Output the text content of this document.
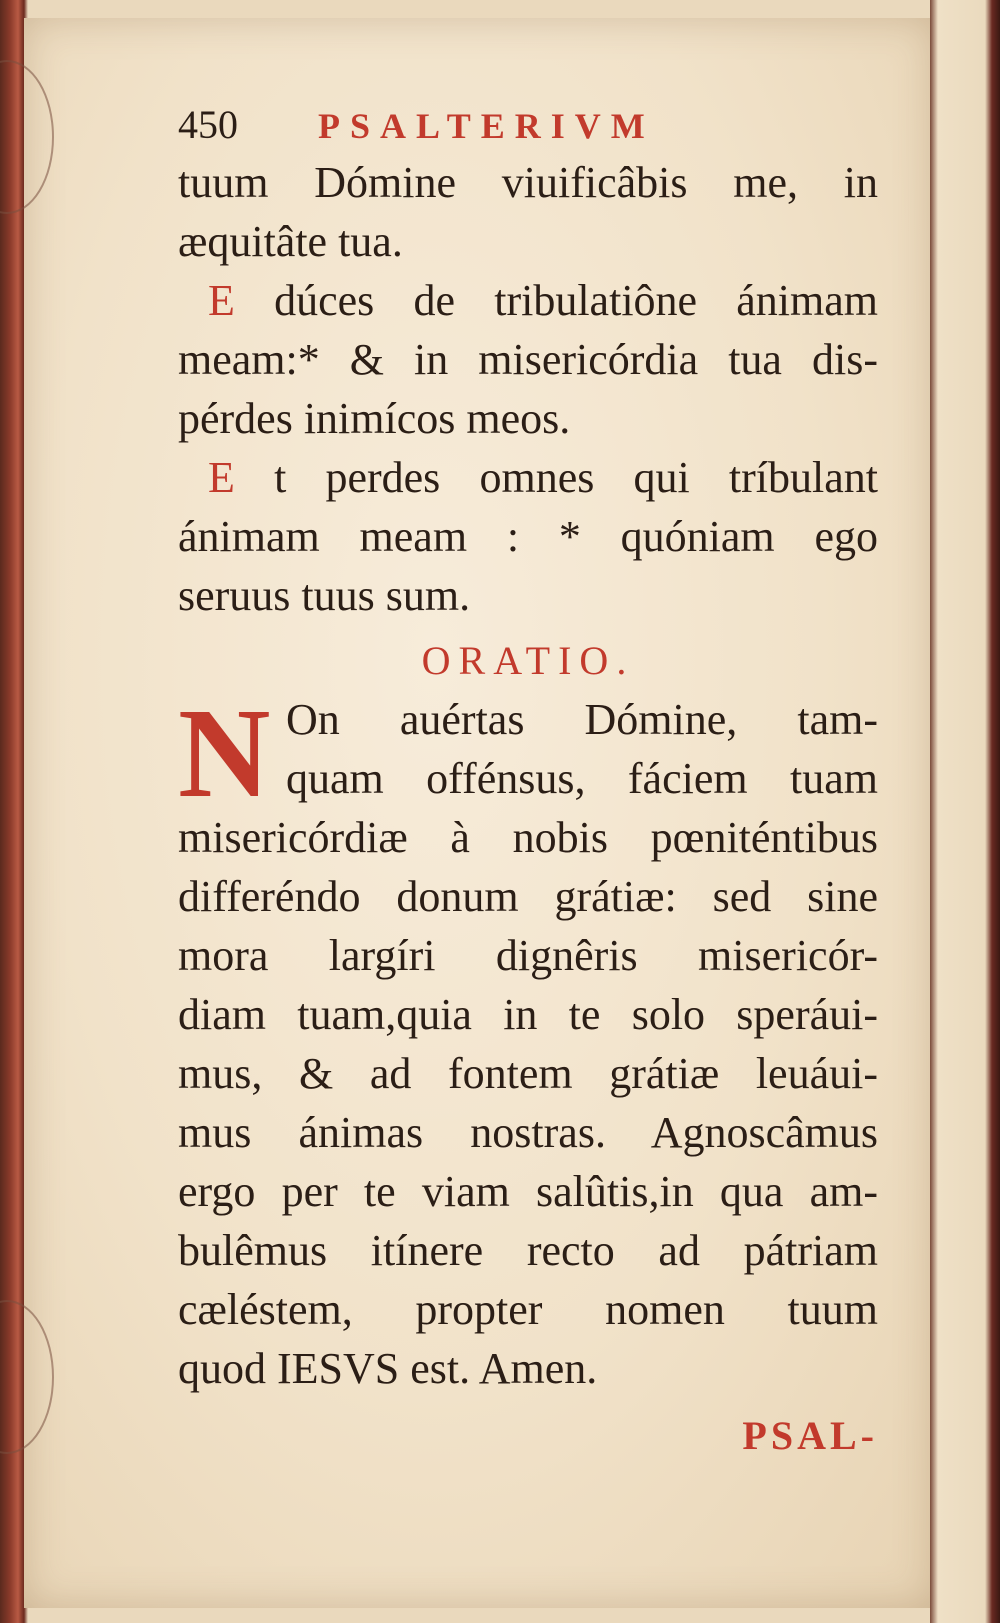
450	PSALTERIVM
tuum Dómine viuificâbis me, in
æquitâte tua.
E dúces de tribulatiône ánimam
meam:* & in misericórdia tua dis-
pérdes inimícos meos.
E t perdes omnes qui tríbulant
ánimam meam : * quóniam ego
seruus tuus sum.
ORATIO.
N On auértas Dómine, tam-
quam offénsus, fáciem tuam
misericórdiæ à nobis pœniténtibus
differéndo donum grátiæ: sed sine
mora largíri dignêris misericór-
diam tuam,quia in te solo speráui-
mus, & ad fontem grátiæ leuáui-
mus ánimas nostras. Agnoscâmus
ergo per te viam salûtis,in qua am-
bulêmus itínere recto ad pátriam
cæléstem, propter nomen tuum
quod IESVS est. Amen.
PSAL-
